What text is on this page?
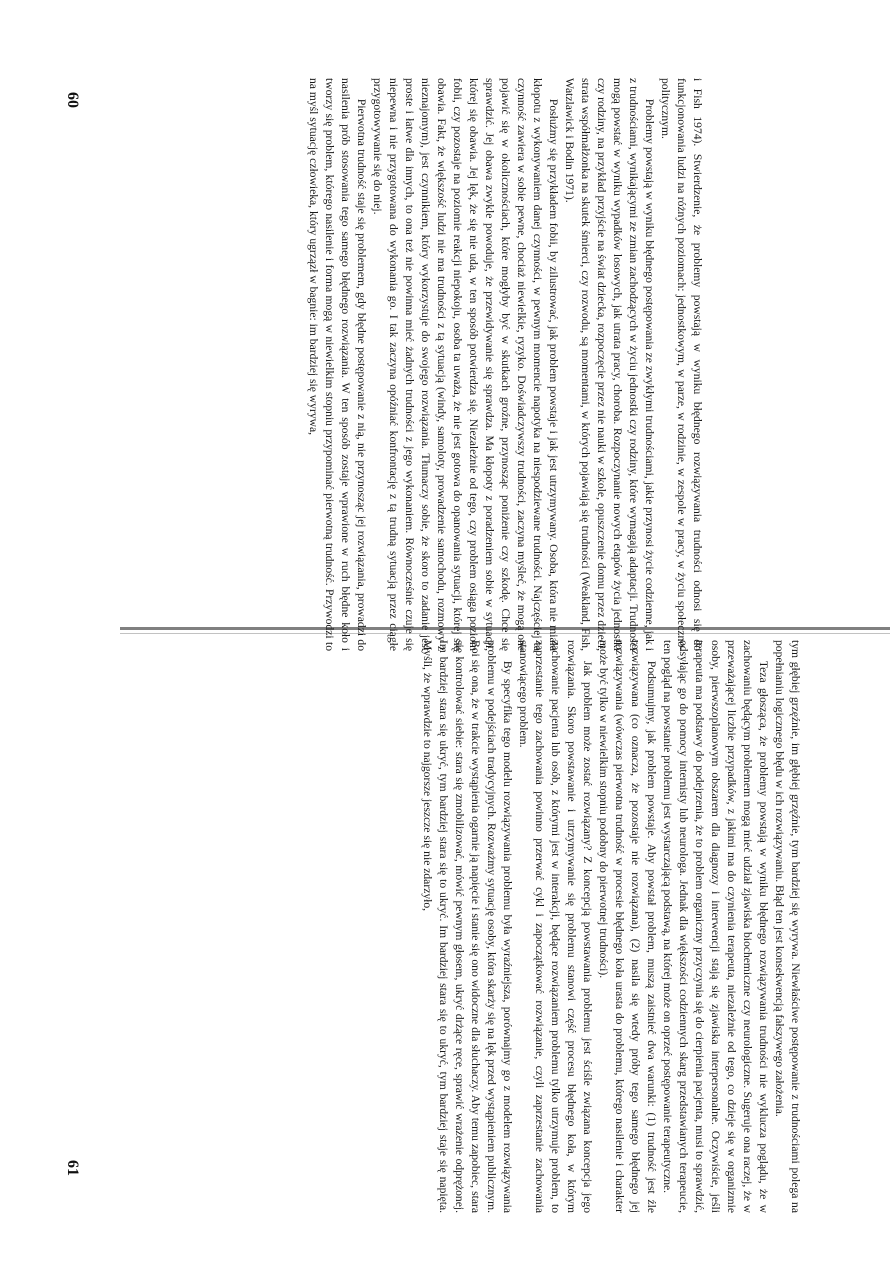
i Fish 1974). Stwierdzenie, że problemy powstają w wyniku błędnego rozwiązywania trudności odnosi się do funkcjonowania ludzi na różnych poziomach: jednostkowym, w parze, w rodzinie, w zespole w pracy, w życiu społeczno-politycznym.

Problemy powstają w wyniku błędnego postępowania ze zwykłymi trudnościami, jakie przynosi życie codzienne, jak i z trudnościami, wynikającymi ze zmian zachodzących w życiu jednostki czy rodziny, które wymagają adaptacji. Trudności mogą powstać w wyniku wypadków losowych, jak utrata pracy, choroba. Rozpoczynanie nowych etapów życia jednostki czy rodziny, na przykład przyjście na świat dziecka, rozpoczęcie przez nie nauki w szkole, opuszczenie domu przez dzieci, strata współmałżonka na skutek śmierci, czy rozwodu, są momentami, w których pojawiają się trudności (Weakland, Fish, Watzlawick i Bodin 1971).

Posłużmy się przykładem fobii, by zilustrować, jak problem powstaje i jak jest utrzymywany. Osoba, która nie miała kłopotu z wykonywaniem danej czynności, w pewnym momencie napotyka na niespodziewane trudności. Najczęściej ta czynność zawiera w sobie pewne, chociaż niewielkie, ryzyko. Doświadczywszy trudności, zaczyna myśleć, że mogą one pojawić się w okolicznościach, które mogłyby być w skutkach groźne, przynosząc poniżenie czy szkodę. Chce się sprawdzić. Jej obawa zwykle powoduje, że przewidywanie się sprawdza. Ma kłopoty z poradzeniem sobie w sytuacji, której się obawia. Jej lęk, że się nie uda, w ten sposób potwierdza się. Niezależnie od tego, czy problem osiąga poziom fobii, czy pozostaje na poziomie reakcji niepokoju, osoba ta uważa, że nie jest gotowa do opanowania sytuacji, której się obawia. Fakt, że większość ludzi nie ma trudności z tą sytuacją (windy, samoloty, prowadzenie samochodu, rozmowy z nieznajomym), jest czynnikiem, który wykorzystuje do swojego rozwiązania. Tłumaczy sobie, że skoro to zadanie jest proste i łatwe dla innych, to ona też nie powinna mieć żadnych trudności z jego wykonaniem. Równocześnie czuje się niepewna i nie przygotowana do wykonania go. I tak zaczyna opóźniać konfrontację z tą trudną sytuacją przez ciągłe przygotowywanie się do niej.

Pierwotna trudność staje się problemem, gdy błędne postępowanie z nią, nie przynosząc jej rozwiązania, prowadzi do nasilenia prób stosowania tego samego błędnego rozwiązania. W ten sposób zostaje wprawione w ruch błędne koło i tworzy się problem, którego nasilenie i forma mogą w niewielkim stopniu przypominać pierwotną trudność. Przywodzi to na myśl sytuację człowieka, który ugrzązł w bagnie: im bardziej się wyrywa,

tym głębiej grzęźnie, im głębiej grzęźnie, tym bardziej się wyrywa. Niewłaściwe postępowanie z trudnościami polega na popełnianiu logicznego błędu w ich rozwiązywaniu. Błąd ten jest konsekwencją fałszywego założenia.

Teza głosząca, że problemy powstają w wyniku błędnego rozwiązywania trudności nie wyklucza poglądu, że w zachowaniu będącym problemem mogą mieć udział zjawiska biochemiczne czy neurologiczne. Sugeruje ona raczej, że w przeważającej liczbie przypadków, z jakimi ma do czynienia terapeuta, niezależnie od tego, co dzieje się w organizmie osoby, pierwszoplanowym obszarem dla diagnozy i interwencji stają się zjawiska interpersonalne. Oczywiście, jeśli terapeuta ma podstawy do podejrzenia, że to problem organiczny przyczynia się do cierpienia pacjenta, musi to sprawdzić, odsyłając go do pomocy internisty lub neurologa. Jednak dla większości codziennych skarg przedstawianych terapeucie, ten pogląd na powstanie problemu jest wystarczającą podstawą, na której może on oprzeć postępowanie terapeutyczne.

Podsumujmy, jak problem powstaje. Aby powstał problem, muszą zaistnieć dwa warunki: (1) trudność jest źle rozwiązywana (co oznacza, że pozostaje nie rozwiązana), (2) nasila się wtedy próby tego samego błędnego jej rozwiązywania (wówczas pierwotna trudność w procesie błędnego koła urasta do problemu, którego nasilenie i charakter może być tylko w niewielkim stopniu podobny do pierwotnej trudności).

Jak problem może zostać rozwiązany? Z koncepcją powstawania problemu jest ściśle związana koncepcja jego rozwiązania. Skoro powstawanie i utrzymywanie się problemu stanowi część procesu błędnego koła, w którym zachowanie pacjenta lub osób, z którymi jest w interakcji, będące rozwiązaniem problemu tylko utrzymuje problem, to zaprzestanie tego zachowania powinno przerwać cykl i zapoczątkować rozwiązanie, czyli zaprzestanie zachowania stanowiącego problem.

By specyfika tego modelu rozwiązywania problemu była wyraźniejsza, porównajmy go z modelem rozwiązywania problemu w podejściach tradycyjnych. Rozważmy sytuację osoby, która skarży się na lęk przed wystąpieniem publicznym. Boi się ona, że w trakcie wystąpienia ogarnie ją napięcie i stanie się ono widoczne dla słuchaczy. Aby temu zapobiec, stara się kontrolować siebie: stara się zmobilizować, mówić pewnym głosem, ukryć drżące ręce, sprawić wrażenie odprężonej. Im bardziej stara się ukryć, tym bardziej stara się to ukryć. Im bardziej stara się to ukryć, tym bardziej staje się napięta. Myśli, że wprawdzie to najgorsze jeszcze się nie zdarzyło,

60
61
